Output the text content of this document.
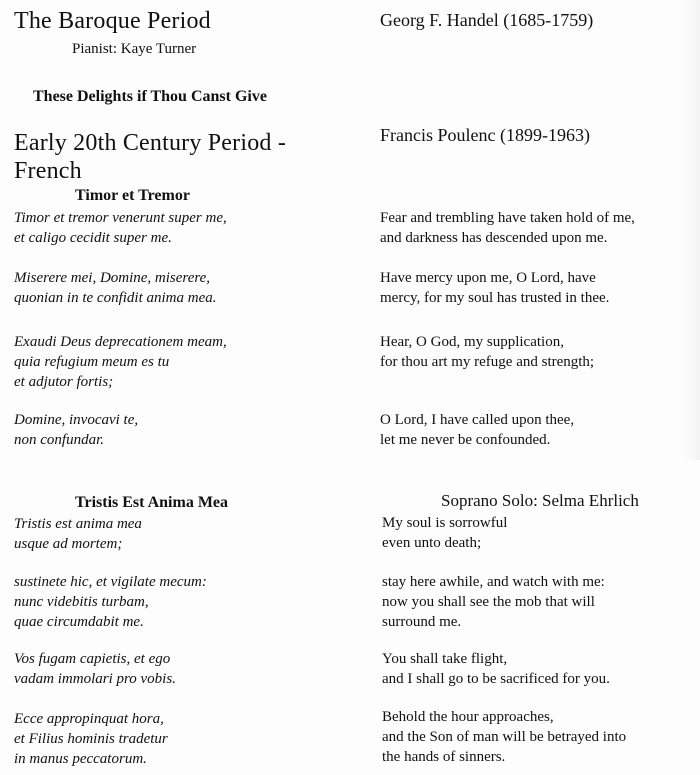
The Baroque Period
Pianist: Kaye Turner
Georg F. Handel (1685-1759)
These Delights if Thou Canst Give
Early 20th Century Period -
French
Francis Poulenc (1899-1963)
Timor et Tremor
Timor et tremor venerunt super me,
et caligo cecidit super me.
Miserere mei, Domine, miserere,
quonian in te confidit anima mea.
Exaudi Deus deprecationem meam,
quia refugium meum es tu
et adjutor fortis;
Domine, invocavi te,
non confundar.
Fear and trembling have taken hold of me,
and darkness has descended upon me.
Have mercy upon me, O Lord, have
mercy, for my soul has trusted in thee.
Hear, O God, my supplication,
for thou art my refuge and strength;
O Lord, I have called upon thee,
let me never be confounded.
Tristis Est Anima Mea	Soprano Solo: Selma Ehrlich
Tristis est anima mea
usque ad mortem;
sustinete hic, et vigilate mecum:
nunc videbitis turbam,
quae circumdabit me.
Vos fugam capietis, et ego
vadam immolari pro vobis.
Ecce appropinquat hora,
et Filius hominis tradetur
in manus peccatorum.
My soul is sorrowful
even unto death;
stay here awhile, and watch with me:
now you shall see the mob that will
surround me.
You shall take flight,
and I shall go to be sacrificed for you.
Behold the hour approaches,
and the Son of man will be betrayed into
the hands of sinners.
